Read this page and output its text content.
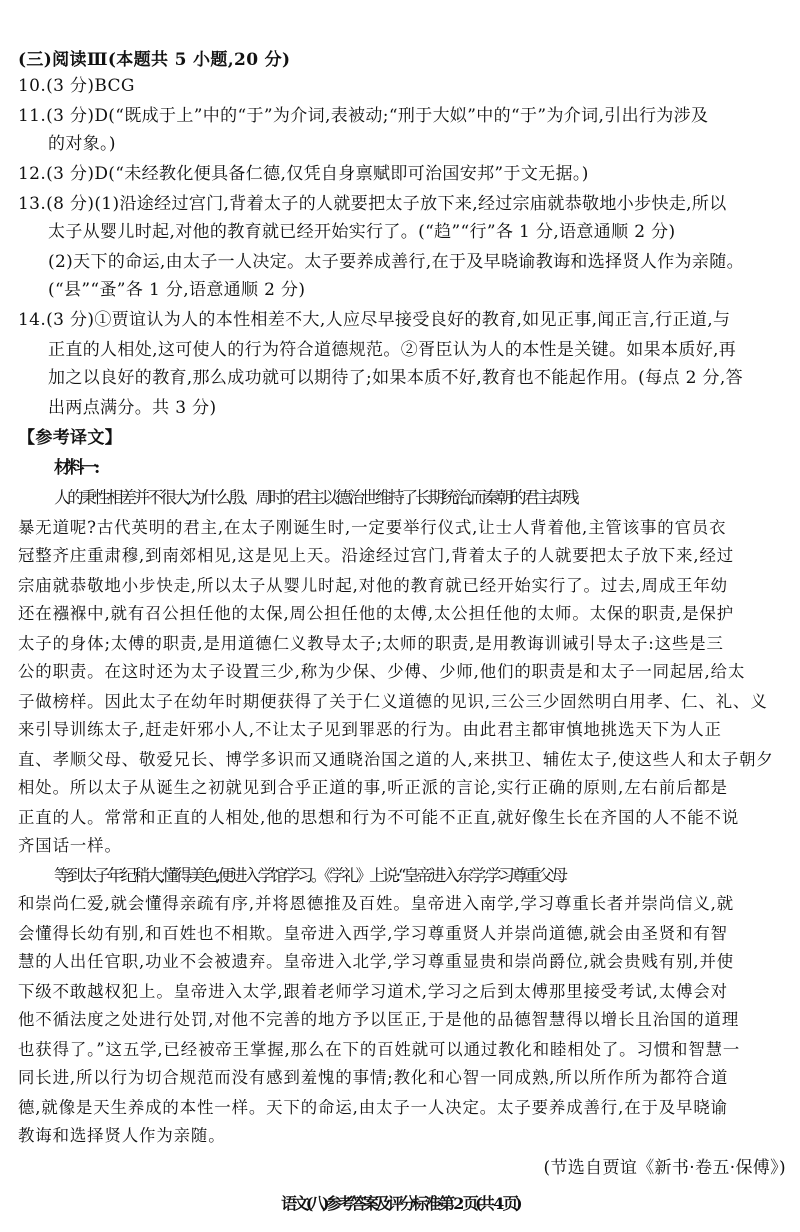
(三)阅读Ⅲ(本题共 5 小题,20 分)
10.(3 分)BCG
11.(3 分)D(“既成于上”中的“于”为介词,表被动;“刑于大姒”中的“于”为介词,引出行为涉及
的对象。)
12.(3 分)D(“未经教化便具备仁德,仅凭自身禀赋即可治国安邦”于文无据。)
13.(8 分)(1)沿途经过宫门,背着太子的人就要把太子放下来,经过宗庙就恭敬地小步快走,所以
太子从婴儿时起,对他的教育就已经开始实行了。(“趋”“行”各 1 分,语意通顺 2 分)
(2)天下的命运,由太子一人决定。太子要养成善行,在于及早晓谕教诲和选择贤人作为亲随。
(“县”“蚤”各 1 分,语意通顺 2 分)
14.(3 分)①贾谊认为人的本性相差不大,人应尽早接受良好的教育,如见正事,闻正言,行正道,与
正直的人相处,这可使人的行为符合道德规范。②胥臣认为人的本性是关键。如果本质好,再
加之以良好的教育,那么成功就可以期待了;如果本质不好,教育也不能起作用。(每点 2 分,答
出两点满分。共 3 分)
【参考译文】
材料一:
人的秉性相差并不很大,为什么殷、周时的君主以德治世维持了长期统治,而秦朝的君主却残
暴无道呢?古代英明的君主,在太子刚诞生时,一定要举行仪式,让士人背着他,主管该事的官员衣
冠整齐庄重肃穆,到南郊相见,这是见上天。沿途经过宫门,背着太子的人就要把太子放下来,经过
宗庙就恭敬地小步快走,所以太子从婴儿时起,对他的教育就已经开始实行了。过去,周成王年幼
还在襁褓中,就有召公担任他的太保,周公担任他的太傅,太公担任他的太师。太保的职责,是保护
太子的身体;太傅的职责,是用道德仁义教导太子;太师的职责,是用教诲训诫引导太子:这些是三
公的职责。在这时还为太子设置三少,称为少保、少傅、少师,他们的职责是和太子一同起居,给太
子做榜样。因此太子在幼年时期便获得了关于仁义道德的见识,三公三少固然明白用孝、仁、礼、义
来引导训练太子,赶走奸邪小人,不让太子见到罪恶的行为。由此君主都审慎地挑选天下为人正
直、孝顺父母、敬爱兄长、博学多识而又通晓治国之道的人,来拱卫、辅佐太子,使这些人和太子朝夕
相处。所以太子从诞生之初就见到合乎正道的事,听正派的言论,实行正确的原则,左右前后都是
正直的人。常常和正直的人相处,他的思想和行为不可能不正直,就好像生长在齐国的人不能不说
齐国话一样。
等到太子年纪稍大,懂得美色,便进入学馆学习。《学礼》上说:“皇帝进入东学,学习尊重父母
和崇尚仁爱,就会懂得亲疏有序,并将恩德推及百姓。皇帝进入南学,学习尊重长者并崇尚信义,就
会懂得长幼有别,和百姓也不相欺。皇帝进入西学,学习尊重贤人并崇尚道德,就会由圣贤和有智
慧的人出任官职,功业不会被遗弃。皇帝进入北学,学习尊重显贵和崇尚爵位,就会贵贱有别,并使
下级不敢越权犯上。皇帝进入太学,跟着老师学习道术,学习之后到太傅那里接受考试,太傅会对
他不循法度之处进行处罚,对他不完善的地方予以匡正,于是他的品德智慧得以增长且治国的道理
也获得了。”这五学,已经被帝王掌握,那么在下的百姓就可以通过教化和睦相处了。习惯和智慧一
同长进,所以行为切合规范而没有感到羞愧的事情;教化和心智一同成熟,所以所作所为都符合道
德,就像是天生养成的本性一样。天下的命运,由太子一人决定。太子要养成善行,在于及早晓谕
教诲和选择贤人作为亲随。
(节选自贾谊《新书·卷五·保傅》)
语文(八)参考答案及评分标准·第 2 页(共 4 页)
